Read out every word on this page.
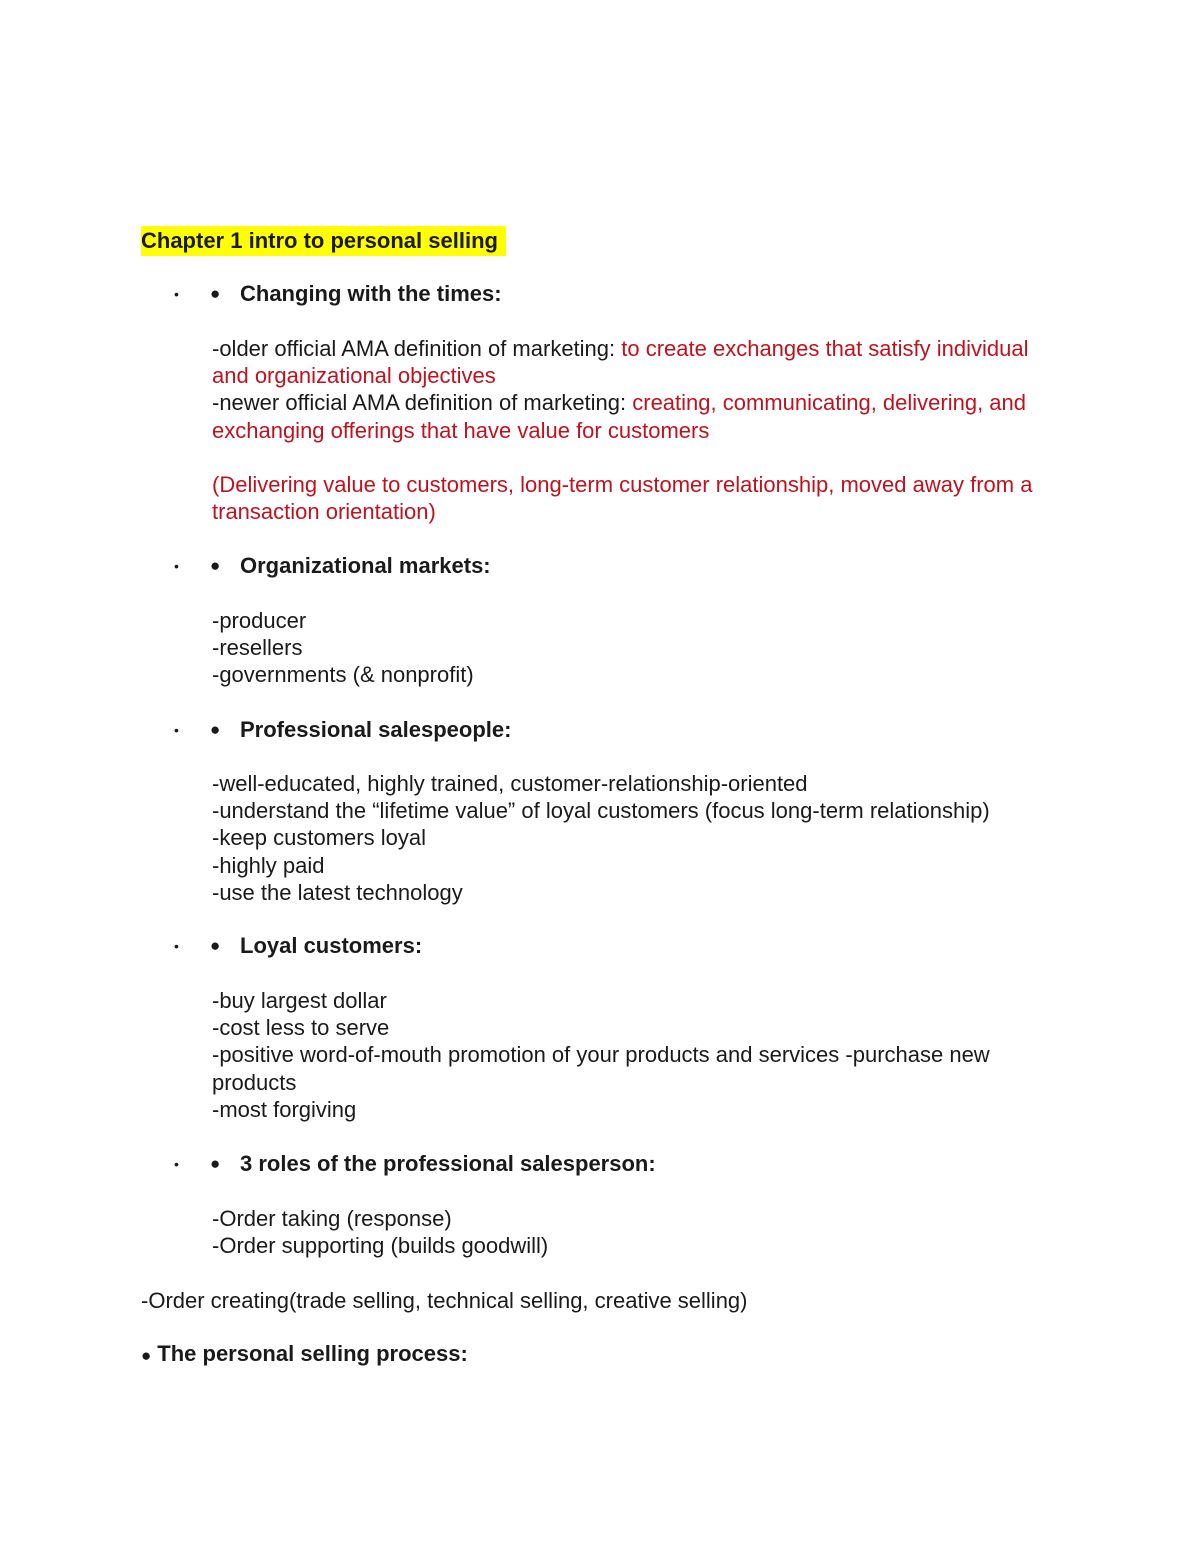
Chapter 1 intro to personal selling
• ● Changing with the times:
-older official AMA definition of marketing: to create exchanges that satisfy individual and organizational objectives
-newer official AMA definition of marketing: creating, communicating, delivering, and exchanging offerings that have value for customers
(Delivering value to customers, long-term customer relationship, moved away from a transaction orientation)
• ● Organizational markets:
-producer
-resellers
-governments (& nonprofit)
• ● Professional salespeople:
-well-educated, highly trained, customer-relationship-oriented
-understand the “lifetime value” of loyal customers (focus long-term relationship)
-keep customers loyal
-highly paid
-use the latest technology
• ● Loyal customers:
-buy largest dollar
-cost less to serve
-positive word-of-mouth promotion of your products and services -purchase new products
-most forgiving
• ● 3 roles of the professional salesperson:
-Order taking (response)
-Order supporting (builds goodwill)
-Order creating(trade selling, technical selling, creative selling)
● The personal selling process:
